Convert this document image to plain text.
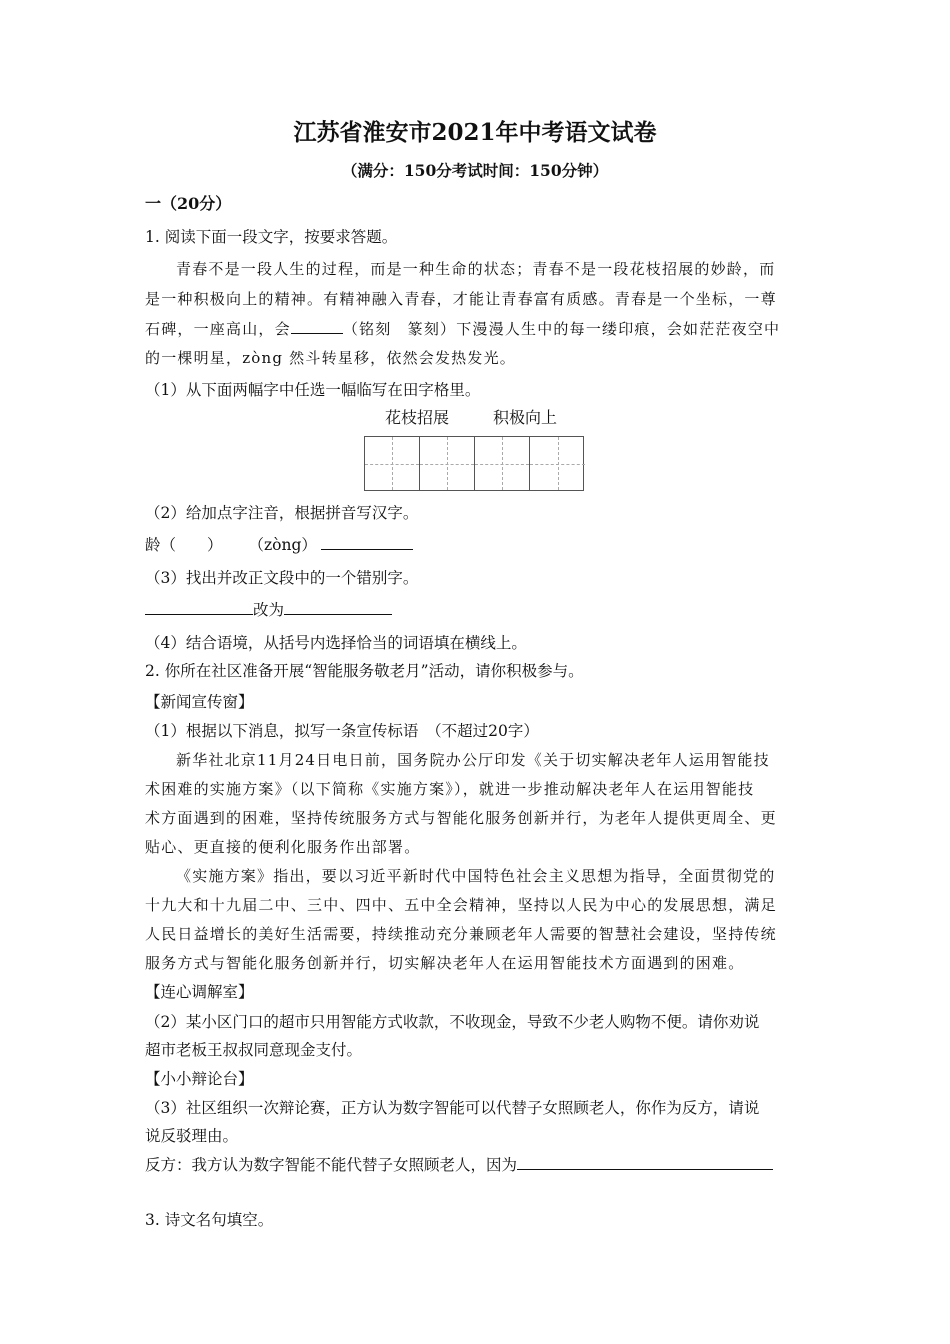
江苏省淮安市2021年中考语文试卷
（满分：150分考试时间：150分钟）
一（20分）
1. 阅读下面一段文字，按要求答题。
青春不是一段人生的过程，而是一种生命的状态；青春不是一段花枝招展的妙龄，而
是一种积极向上的精神。有精神融入青春，才能让青春富有质感。青春是一个坐标，一尊
石碑，一座高山，会	（铭刻　篆刻）下漫漫人生中的每一缕印痕，会如茫茫夜空中
的一棵明星，zòng 然斗转星移，依然会发热发光。
（1）从下面两幅字中任选一幅临写在田字格里。
花枝招展	积极向上
（2）给加点字注音，根据拼音写汉字。
龄（　　） （zòng）
（3）找出并改正文段中的一个错别字。
改为
（4）结合语境，从括号内选择恰当的词语填在横线上。
2. 你所在社区准备开展“智能服务敬老月”活动，请你积极参与。
【新闻宣传窗】
（1）根据以下消息，拟写一条宣传标语　（不超过20字）
新华社北京11月24日电日前，国务院办公厅印发《关于切实解决老年人运用智能技
术困难的实施方案》（以下简称《实施方案》），就进一步推动解决老年人在运用智能技
术方面遇到的困难，坚持传统服务方式与智能化服务创新并行，为老年人提供更周全、更
贴心、更直接的便利化服务作出部署。
《实施方案》指出，要以习近平新时代中国特色社会主义思想为指导，全面贯彻党的
十九大和十九届二中、三中、四中、五中全会精神，坚持以人民为中心的发展思想，满足
人民日益增长的美好生活需要，持续推动充分兼顾老年人需要的智慧社会建设，坚持传统
服务方式与智能化服务创新并行，切实解决老年人在运用智能技术方面遇到的困难。
【连心调解室】
（2）某小区门口的超市只用智能方式收款，不收现金，导致不少老人购物不便。请你劝说
超市老板王叔叔同意现金支付。
【小小辩论台】
（3）社区组织一次辩论赛，正方认为数字智能可以代替子女照顾老人，你作为反方，请说
说反驳理由。
反方：我方认为数字智能不能代替子女照顾老人，因为
3. 诗文名句填空。
